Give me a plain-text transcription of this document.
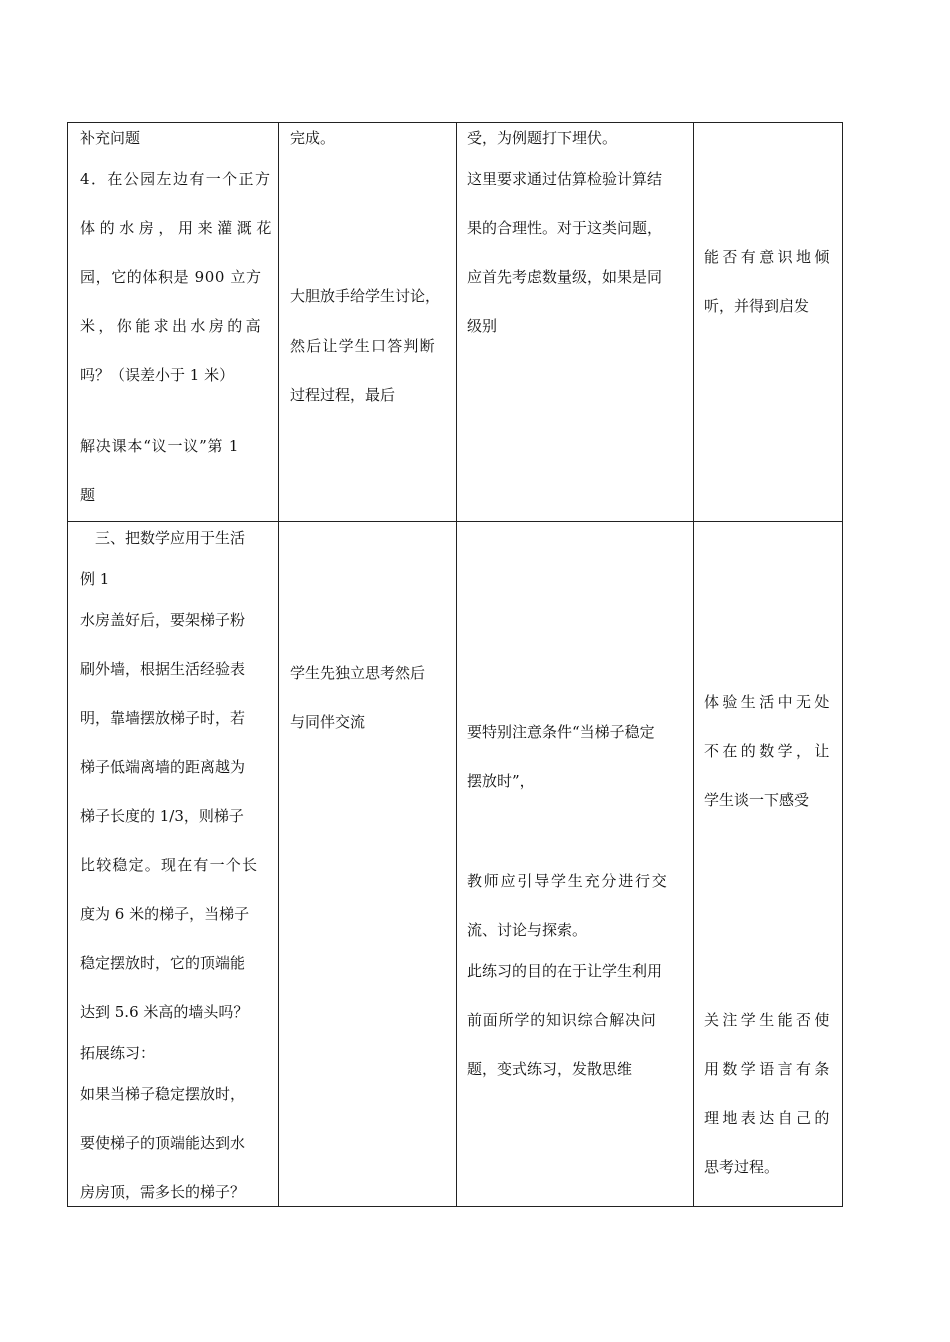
补充问题
4．在公园左边有一个正方
体的水房，用来灌溉花
园，它的体积是 900 立方
米，你能求出水房的高
吗？（误差小于 1 米）
解决课本“议一议”第 1
题
完成。
大胆放手给学生讨论，
然后让学生口答判断
过程过程，最后
受，为例题打下埋伏。
这里要求通过估算检验计算结
果的合理性。对于这类问题，
应首先考虑数量级，如果是同
级别
能否有意识地倾
听，并得到启发
三、把数学应用于生活
例 1
水房盖好后，要架梯子粉
刷外墙，根据生活经验表
明，靠墙摆放梯子时，若
梯子低端离墙的距离越为
梯子长度的 1/3，则梯子
比较稳定。现在有一个长
度为 6 米的梯子，当梯子
稳定摆放时，它的顶端能
达到 5.6 米高的墙头吗？
拓展练习：
如果当梯子稳定摆放时，
要使梯子的顶端能达到水
房房顶，需多长的梯子？
学生先独立思考然后
与同伴交流
要特别注意条件“当梯子稳定
摆放时”，
教师应引导学生充分进行交
流、讨论与探索。
此练习的目的在于让学生利用
前面所学的知识综合解决问
题，变式练习，发散思维
体验生活中无处
不在的数学，让
学生谈一下感受
关注学生能否使
用数学语言有条
理地表达自己的
思考过程。
